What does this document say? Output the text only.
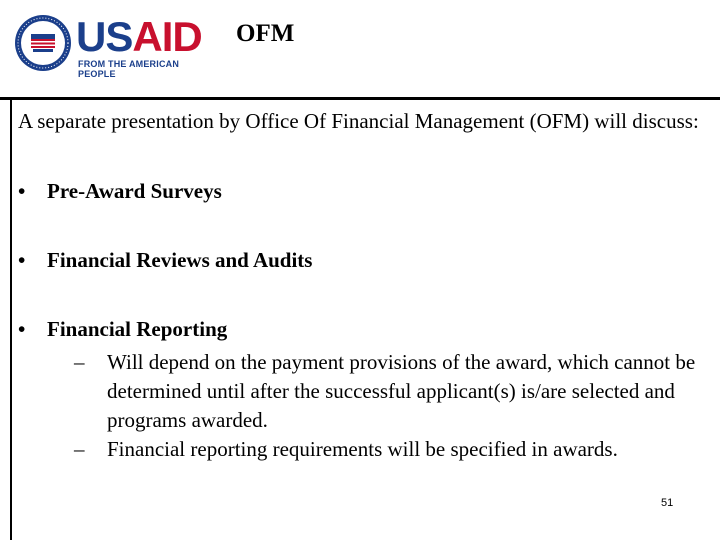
USAID
FROM THE AMERICAN PEOPLE
OFM

A separate presentation by Office Of Financial Management (OFM) will discuss:

• Pre-Award Surveys
• Financial Reviews and Audits
• Financial Reporting
– Will depend on the payment provisions of the award, which cannot be determined until after the successful applicant(s) is/are selected and programs awarded.
– Financial reporting requirements will be specified in awards.
51
